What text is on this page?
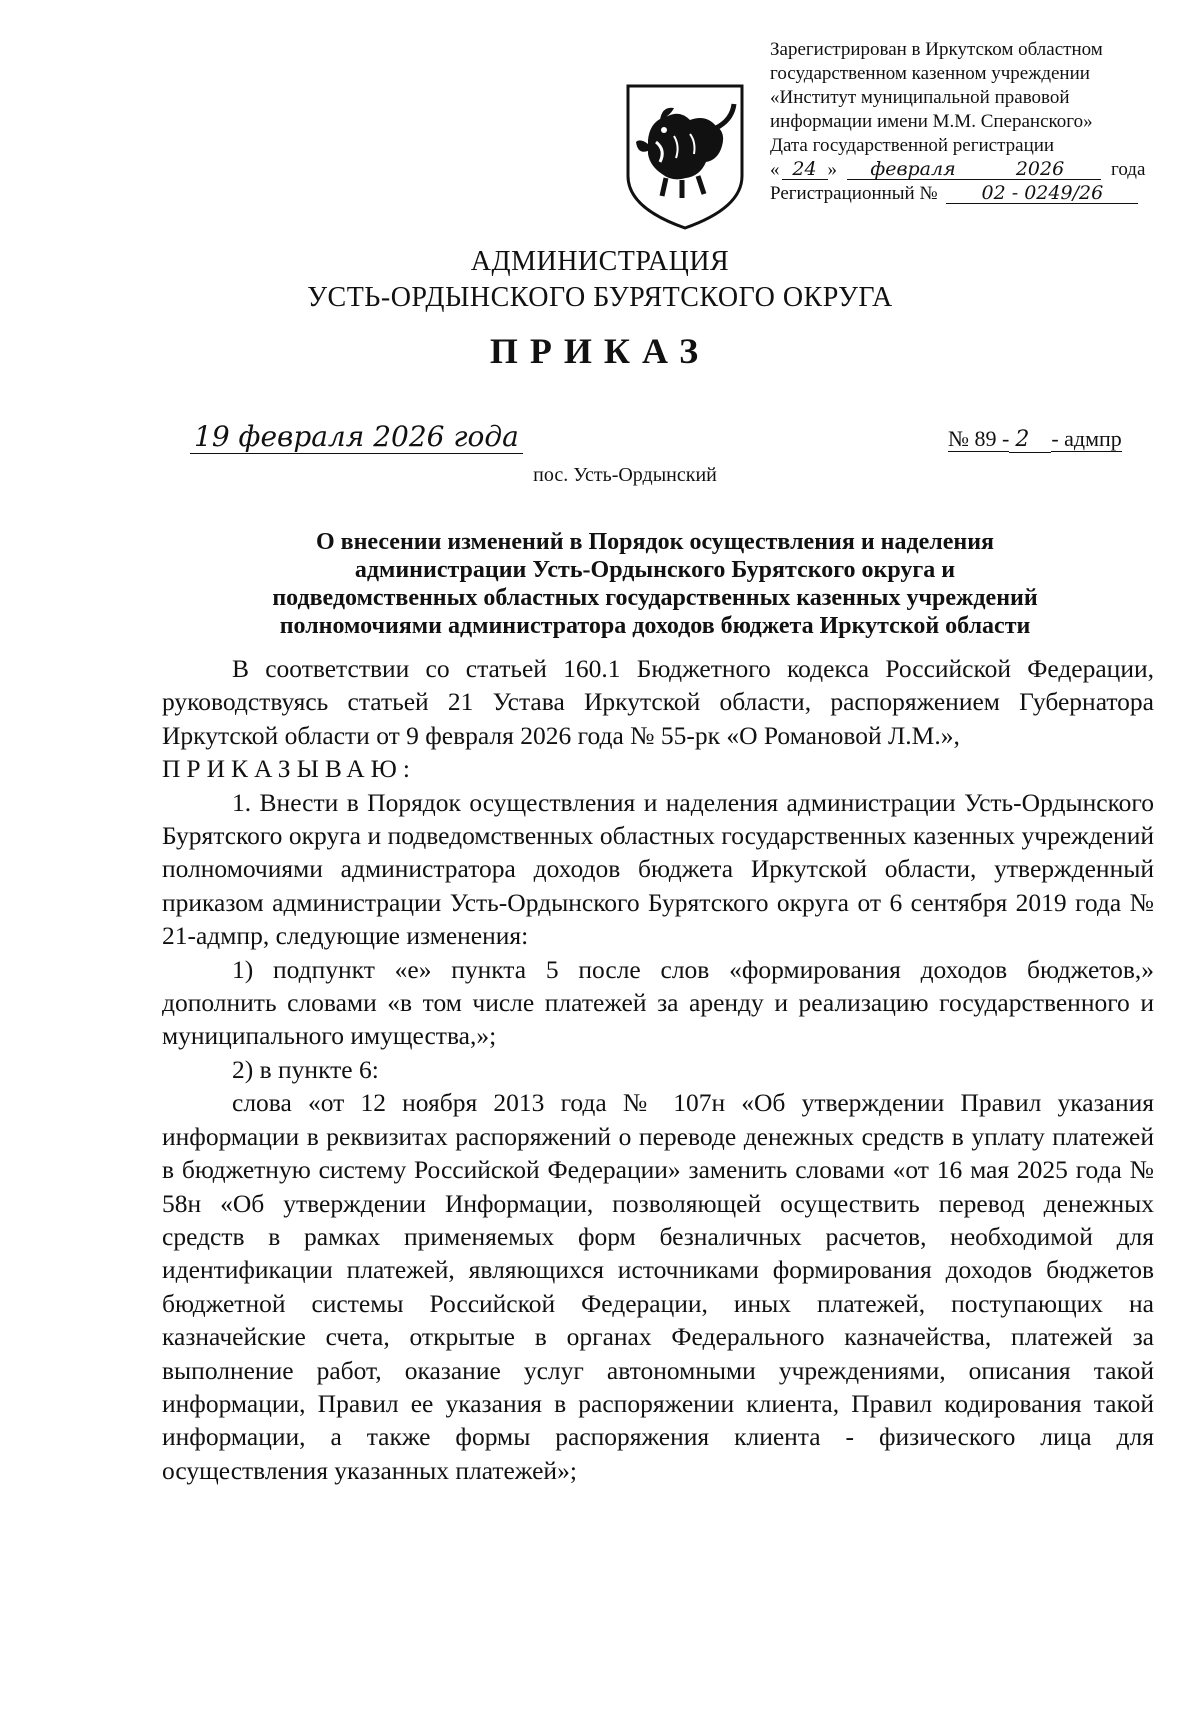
Зарегистрирован в Иркутском областном
государственном казенном учреждении
«Институт муниципальной правовой
информации имени М.М. Сперанского»
Дата государственной регистрации
« 24 »	февраля	2026	года
Регистрационный № 02 - 0249/26
АДМИНИСТРАЦИЯ
УСТЬ-ОРДЫНСКОГО БУРЯТСКОГО ОКРУГА
ПРИКАЗ
19 февраля 2026 года	№ 89 - 2 - адмпр
пос. Усть-Ордынский
О внесении изменений в Порядок осуществления и наделения
администрации Усть-Ордынского Бурятского округа и
подведомственных областных государственных казенных учреждений
полномочиями администратора доходов бюджета Иркутской области

В соответствии со статьей 160.1 Бюджетного кодекса Российской Федерации, руководствуясь статьей 21 Устава Иркутской области, распоряжением Губернатора Иркутской области от 9 февраля 2026 года № 55-рк «О Романовой Л.М.»,

ПРИКАЗЫВАЮ:

1. Внести в Порядок осуществления и наделения администрации Усть-Ордынского Бурятского округа и подведомственных областных государственных казенных учреждений полномочиями администратора доходов бюджета Иркутской области, утвержденный приказом администрации Усть-Ордынского Бурятского округа от 6 сентября 2019 года № 21-адмпр, следующие изменения:

1) подпункт «е» пункта 5 после слов «формирования доходов бюджетов,» дополнить словами «в том числе платежей за аренду и реализацию государственного и муниципального имущества,»;

2) в пункте 6:

слова «от 12 ноября 2013 года № 107н «Об утверждении Правил указания информации в реквизитах распоряжений о переводе денежных средств в уплату платежей в бюджетную систему Российской Федерации» заменить словами «от 16 мая 2025 года № 58н «Об утверждении Информации, позволяющей осуществить перевод денежных средств в рамках применяемых форм безналичных расчетов, необходимой для идентификации платежей, являющихся источниками формирования доходов бюджетов бюджетной системы Российской Федерации, иных платежей, поступающих на казначейские счета, открытые в органах Федерального казначейства, платежей за выполнение работ, оказание услуг автономными учреждениями, описания такой информации, Правил ее указания в распоряжении клиента, Правил кодирования такой информации, а также формы распоряжения клиента - физического лица для осуществления указанных платежей»;
